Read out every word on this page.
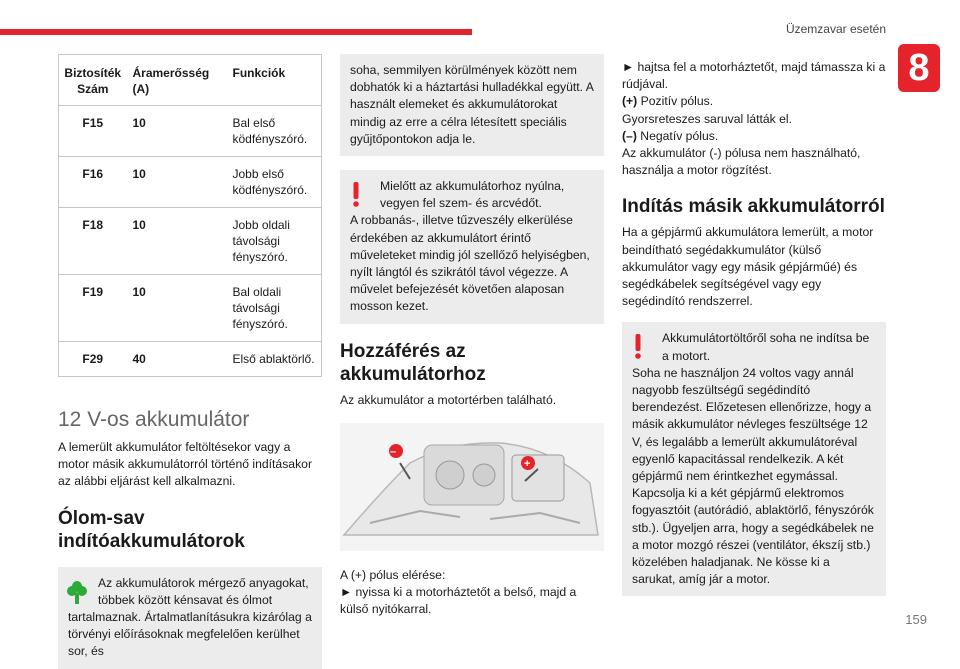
Üzemzavar esetén
8
Biztosíték Szám	Áramerősség (A)	Funkciók
F15	10	Bal első ködfényszóró.
F16	10	Jobb első ködfényszóró.
F18	10	Jobb oldali távolsági fényszóró.
F19	10	Bal oldali távolsági fényszóró.
F29	40	Első ablaktörlő.
12 V-os akkumulátor

A lemerült akkumulátor feltöltésekor vagy a motor másik akkumulátorról történő indításakor az alábbi eljárást kell alkalmazni.

Ólom-sav indítóakkumulátorok
Az akkumulátorok mérgező anyagokat, többek között kénsavat és ólmot
tartalmaznak. Ártalmatlanításukra kizárólag a törvényi előírásoknak megfelelően kerülhet sor, és
soha, semmilyen körülmények között nem dobhatók ki a háztartási hulladékkal együtt. A használt elemeket és akkumulátorokat mindig az erre a célra létesített speciális gyűjtőpontokon adja le.
Mielőtt az akkumulátorhoz nyúlna, vegyen fel szem- és arcvédőt.
A robbanás-, illetve tűzveszély elkerülése érdekében az akkumulátort érintő műveleteket mindig jól szellőző helyiségben, nyílt lángtól és szikrától távol végezze. A művelet befejezését követően alaposan mosson kezet.
Hozzáférés az akkumulátorhoz

Az akkumulátor a motortérben található.

+
–

A (+) pólus elérése:

► nyissa ki a motorháztetőt a belső, majd a külső nyitókarral.

► hajtsa fel a motorháztetőt, majd támassza ki a rúdjával.

(+) Pozitív pólus.

Gyorsreteszes saruval látták el.

(–) Negatív pólus.

Az akkumulátor (-) pólusa nem használható, használja a motor rögzítést.

Indítás másik akkumulátorról

Ha a gépjármű akkumulátora lemerült, a motor beindítható segédakkumulátor (külső akkumulátor vagy egy másik gépjárműé) és segédkábelek segítségével vagy egy segédindító rendszerrel.

Akkumulátortöltőről soha ne indítsa be a motort.
Soha ne használjon 24 voltos vagy annál nagyobb feszültségű segédindító berendezést. Előzetesen ellenőrizze, hogy a másik akkumulátor névleges feszültsége 12 V, és legalább a lemerült akkumulátoréval egyenlő kapacitással rendelkezik. A két gépjármű nem érintkezhet egymással. Kapcsolja ki a két gépjármű elektromos fogyasztóit (autórádió, ablaktörlő, fényszórók stb.). Ügyeljen arra, hogy a segédkábelek ne a motor mozgó részei (ventilátor, ékszíj stb.) közelében haladjanak. Ne kösse ki a sarukat, amíg jár a motor.
159
